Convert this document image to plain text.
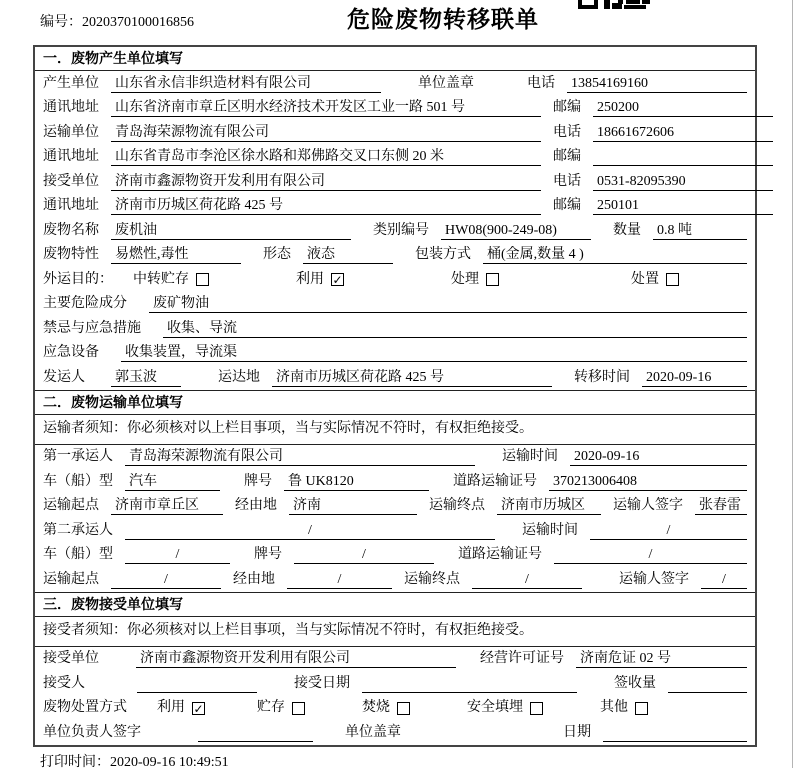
编号：2020370100016856	危险废物转移联单
一．废物产生单位填写
产生单位 山东省永信非织造材料有限公司	单位盖章	电话 13854169160
通讯地址 山东省济南市章丘区明水经济技术开发区工业一路 501 号	邮编 250200
运输单位 青岛海荣源物流有限公司	电话 18661672606
通讯地址 山东省青岛市李沧区徐水路和郑佛路交叉口东侧 20 米	邮编
接受单位 济南市鑫源物资开发利用有限公司	电话 0531-82095390
通讯地址 济南市历城区荷花路 425 号	邮编 250101
废物名称 废机油	类别编号 HW08(900-249-08)	数量 0.8 吨
废物特性 易燃性,毒性	形态 液态	包装方式 桶(金属,数量 4 )
外运目的： 中转贮存	利用 ✓	处理	处置
主要危险成分 废矿物油
禁忌与应急措施 收集、导流
应急设备 收集装置，导流渠
发运人 郭玉波	运达地 济南市历城区荷花路 425 号	转移时间 2020-09-16
二．废物运输单位填写
运输者须知：你必须核对以上栏目事项，当与实际情况不符时，有权拒绝接受。
第一承运人 青岛海荣源物流有限公司	运输时间 2020-09-16
车（船）型 汽车	牌号 鲁 UK8120	道路运输证号 370213006408
运输起点 济南市章丘区	经由地 济南	运输终点 济南市历城区	运输人签字 张春雷
第二承运人	/	运输时间	/
车（船）型	/	牌号	/	道路运输证号	/
运输起点	/	经由地	/	运输终点	/	运输人签字	/
三．废物接受单位填写
接受者须知：你必须核对以上栏目事项，当与实际情况不符时，有权拒绝接受。
接受单位	济南市鑫源物资开发利用有限公司	经营许可证号 济南危证 02 号
接受人	接受日期	签收量
废物处置方式 利用 ✓	贮存	焚烧	安全填埋	其他
单位负责人签字	单位盖章	日期
打印时间：2020-09-16 10:49:51
